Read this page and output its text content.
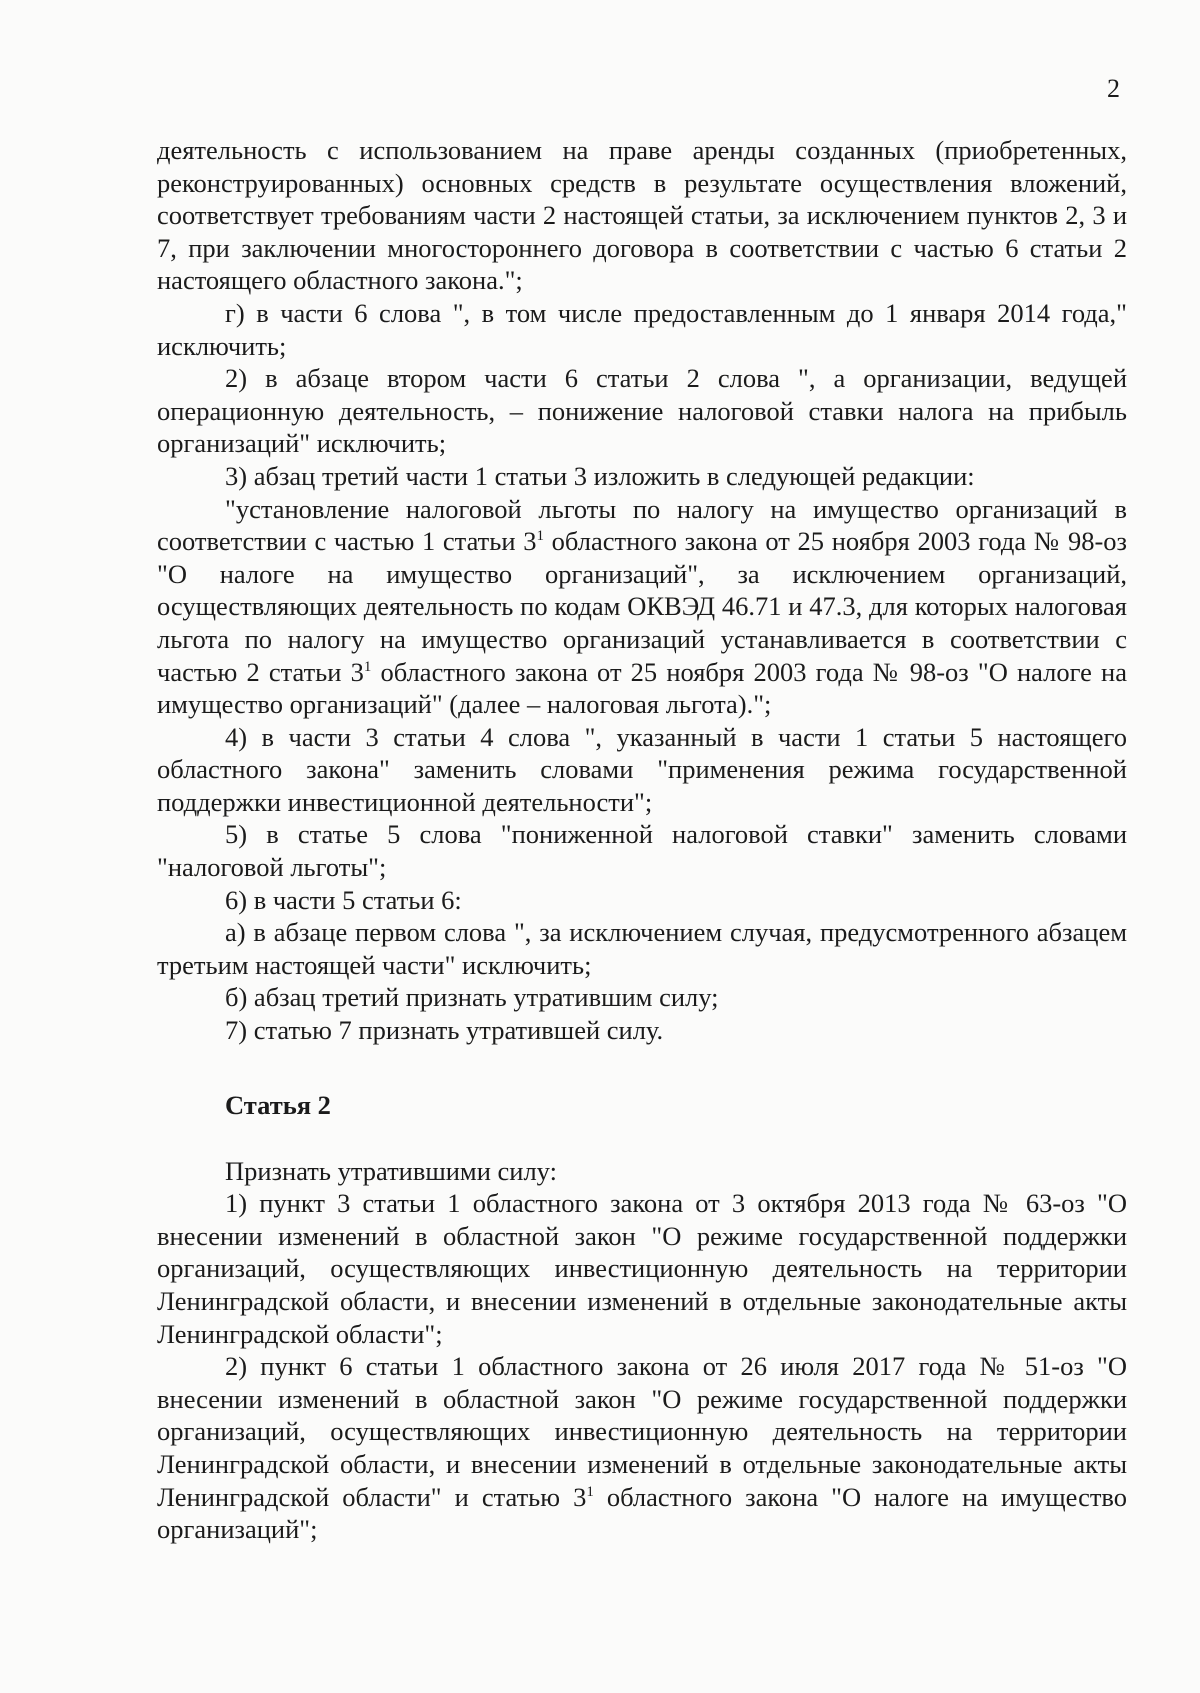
2

деятельность с использованием на праве аренды созданных (приобретенных, реконструированных) основных средств в результате осуществления вложений, соответствует требованиям части 2 настоящей статьи, за исключением пунктов 2, 3 и 7, при заключении многостороннего договора в соответствии с частью 6 статьи 2 настоящего областного закона.";

г) в части 6 слова ", в том числе предоставленным до 1 января 2014 года," исключить;

2) в абзаце втором части 6 статьи 2 слова ", а организации, ведущей операционную деятельность, – понижение налоговой ставки налога на прибыль организаций" исключить;

3) абзац третий части 1 статьи 3 изложить в следующей редакции:

"установление налоговой льготы по налогу на имущество организаций в соответствии с частью 1 статьи $3^1$ областного закона от 25 ноября 2003 года № 98-оз "О налоге на имущество организаций", за исключением организаций, осуществляющих деятельность по кодам ОКВЭД 46.71 и 47.3, для которых налоговая льгота по налогу на имущество организаций устанавливается в соответствии с частью 2 статьи $3^1$ областного закона от 25 ноября 2003 года № 98-оз "О налоге на имущество организаций" (далее – налоговая льгота).";

4) в части 3 статьи 4 слова ", указанный в части 1 статьи 5 настоящего областного закона" заменить словами "применения режима государственной поддержки инвестиционной деятельности";

5) в статье 5 слова "пониженной налоговой ставки" заменить словами "налоговой льготы";

6) в части 5 статьи 6:

а) в абзаце первом слова ", за исключением случая, предусмотренного абзацем третьим настоящей части" исключить;

б) абзац третий признать утратившим силу;

7) статью 7 признать утратившей силу.

Статья 2

Признать утратившими силу:

1) пункт 3 статьи 1 областного закона от 3 октября 2013 года № 63-оз "О внесении изменений в областной закон "О режиме государственной поддержки организаций, осуществляющих инвестиционную деятельность на территории Ленинградской области, и внесении изменений в отдельные законодательные акты Ленинградской области";

2) пункт 6 статьи 1 областного закона от 26 июля 2017 года № 51-оз "О внесении изменений в областной закон "О режиме государственной поддержки организаций, осуществляющих инвестиционную деятельность на территории Ленинградской области, и внесении изменений в отдельные законодательные акты Ленинградской области" и статью $3^1$ областного закона "О налоге на имущество организаций";
